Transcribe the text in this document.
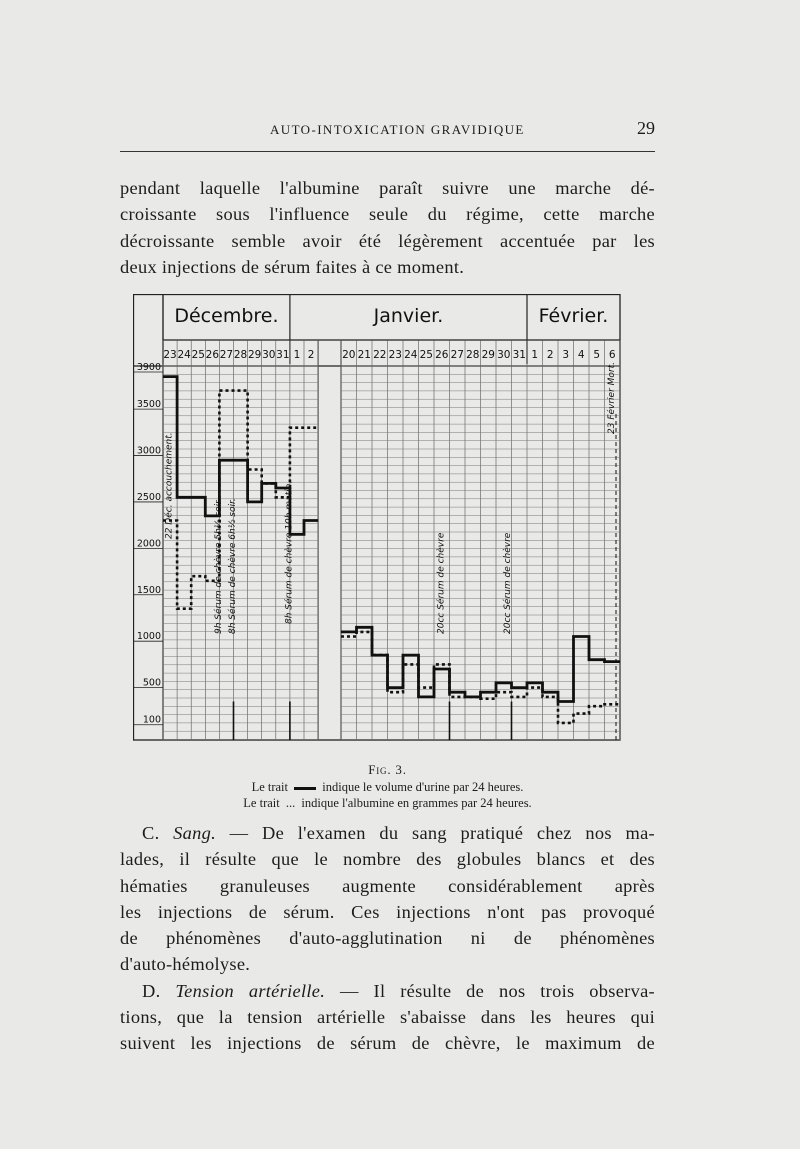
AUTO-INTOXICATION GRAVIDIQUE	29
pendant laquelle l'albumine paraît suivre une marche dé-
croissante sous l'influence seule du régime, cette marche
décroissante semble avoir été légèrement accentuée par les
deux injections de sérum faites à ce moment.
Décembre.	Janvier.	Février.
23 24 25 26 27 28 29 30 31 1 2	20 21 22 23 24 25 26 27 28 29 30 31 1 2 3 4 5 6
3900
3500
3000
2500
2000
1500
1000
500
100
22 Déc. accouchement.
9h Sérum de chèvre 5h½ soir. 8h Sérum de chèvre 6h½ soir.	8h Sérum de chèvre 10h matin.	20cc Sérum de chèvre	20cc Sérum de chèvre
23 Février Mort.
Fig. 3.
Le trait	indique le volume d'urine par 24 heures.
Le trait ... indique l'albumine en grammes par 24 heures.
C. Sang. — De l'examen du sang pratiqué chez nos ma-
lades, il résulte que le nombre des globules blancs et des
hématies granuleuses augmente considérablement après
les injections de sérum. Ces injections n'ont pas provoqué
de phénomènes d'auto-agglutination ni de phénomènes
d'auto-hémolyse.
D. Tension artérielle. — Il résulte de nos trois observa-
tions, que la tension artérielle s'abaisse dans les heures qui
suivent les injections de sérum de chèvre, le maximum de
